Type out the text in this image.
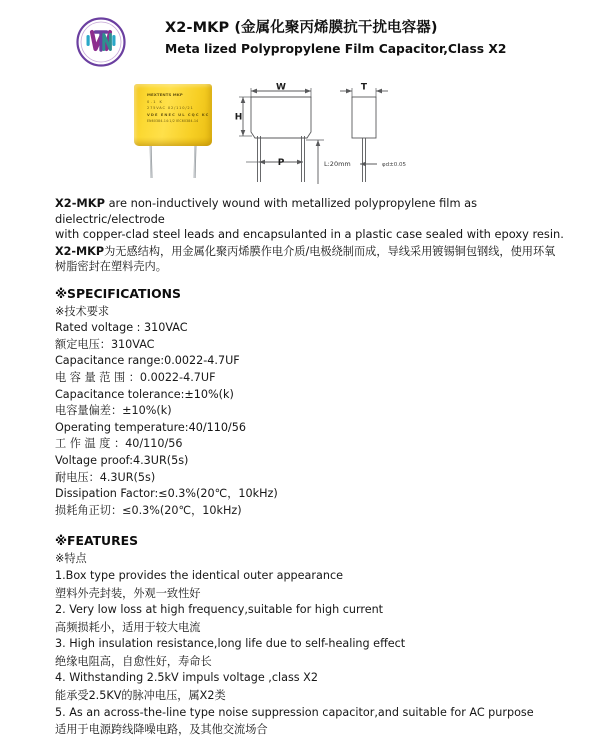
X2-MKP (金属化聚丙烯膜抗干扰电容器)
Meta lized Polypropylene Film Capacitor,Class X2
MEXTENTS MKP
0.1 K
275VAC X2/110/21
VDE ENEC UL CQC KC
EN60384-14:1/2 IEC60384-14
W
H
P
T
L:20mm	φd±0.05

X2-MKP are non-inductively wound with metallized polypropylene film as dielectric/electrode
with copper-clad steel leads and encapsulanted in a plastic case sealed with epoxy resin.

X2-MKP为无感结构，用金属化聚丙烯膜作电介质/电极绕制而成，导线采用镀锡铜包钢线，使用环氧
树脂密封在塑料壳内。

※SPECIFICATIONS
※技术要求
Rated voltage : 310VAC
额定电压：310VAC
Capacitance range:0.0022-4.7UF
电 容 量 范 围 ：0.0022-4.7UF
Capacitance tolerance:±10%(k)
电容量偏差：±10%(k)
Operating temperature:40/110/56
工 作 温 度 ：40/110/56
Voltage proof:4.3UR(5s)
耐电压：4.3UR(5s)
Dissipation Factor:≤0.3%(20℃，10kHz)
损耗角正切：≤0.3%(20℃，10kHz)
※FEATURES
※特点
1.Box type provides the identical outer appearance
塑料外壳封装，外观一致性好
2. Very low loss at high frequency,suitable for high current
高频损耗小，适用于较大电流
3. High insulation resistance,long life due to self-healing effect
绝缘电阻高，自愈性好，寿命长
4. Withstanding 2.5kV impuls voltage ,class X2
能承受2.5KV的脉冲电压，属X2类
5. As an across-the-line type noise suppression capacitor,and suitable for AC purpose
适用于电源跨线降噪电路，及其他交流场合
